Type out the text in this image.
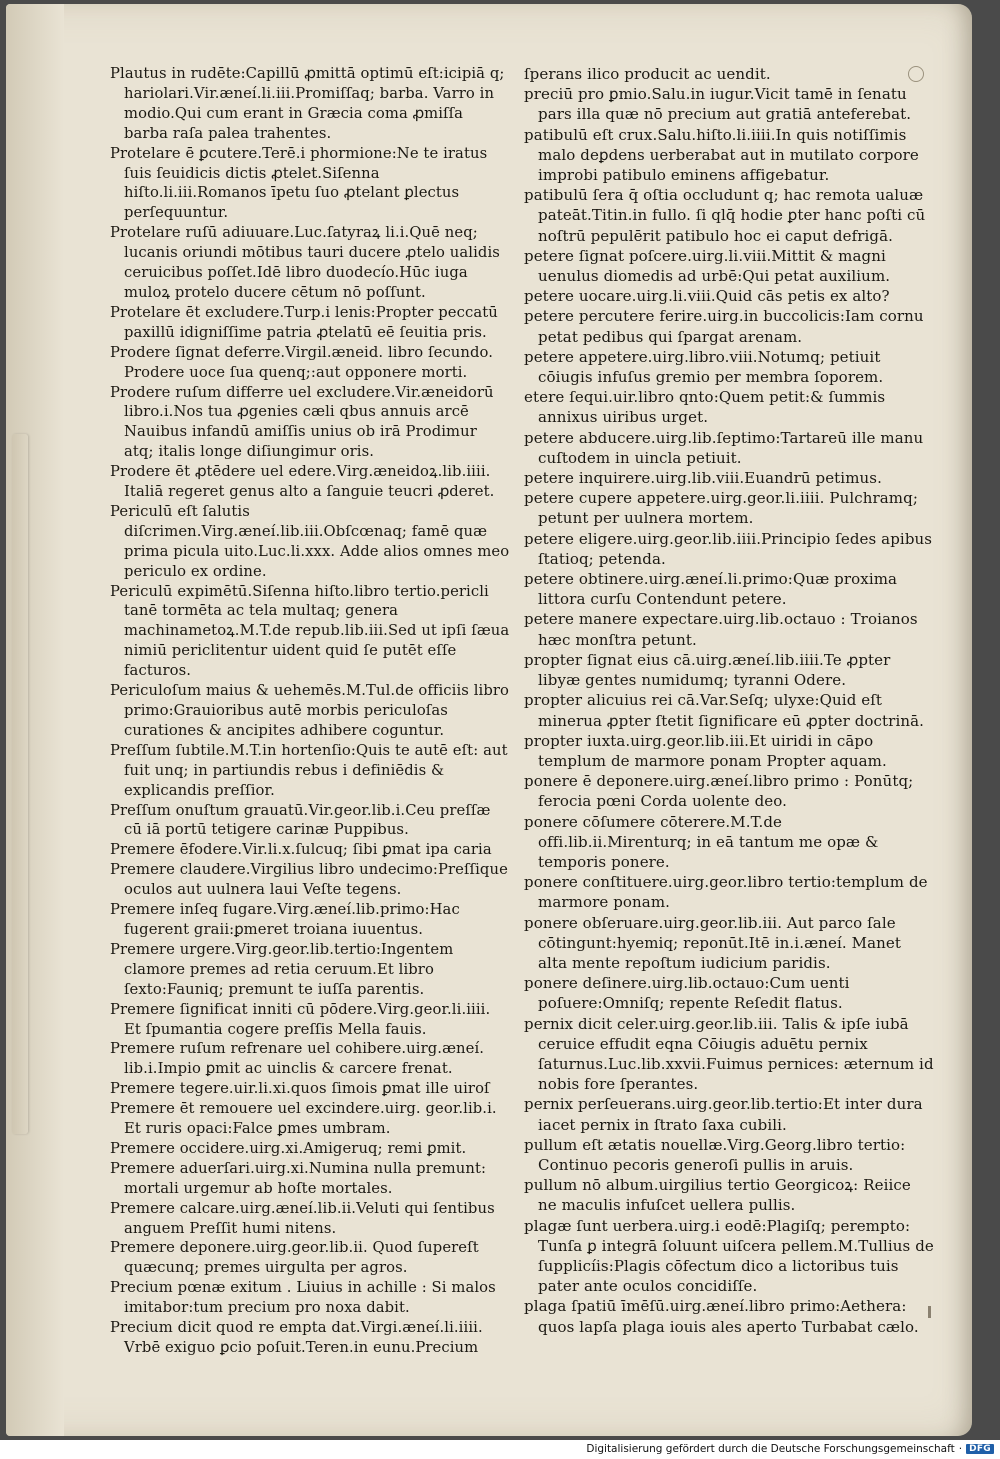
Plautus in rudēte:Capillū ꝓmittā optimū eſt:icipiā q; hariolari.Vir.æneí.li.iii.Promiſſaq; barba. Varro in modio.Qui cum erant in Græcia coma ꝓmiſſa barba raſa palea trahentes.

Protelare ē ꝑcutere.Terē.i phormione:Ne te iratus ſuis ſeuidicis dictis ꝓtelet.Siſenna hiſto.li.iii.Romanos īpetu ſuo ꝓtelant ꝑlectus perſequuntur.

Protelare ruſū adiuuare.Luc.ſatyraꝝ li.i.Quē neq; lucanis oriundi mōtibus tauri ducere ꝓtelo ualidis ceruicibus poſſet.Idē libro duodecío.Hūc iuga muloꝝ protelo ducere cētum nō poſſunt.

Protelare ēt excludere.Turp.i lenis:Propter peccatū paxillū idigniſſime patria ꝓtelatū eē ſeuitia pris.

Prodere ſignat deferre.Virgil.æneid. libro ſecundo. Prodere uoce ſua quenq;:aut opponere morti.

Prodere ruſum differre uel excludere.Vir.æneidorū libro.i.Nos tua ꝓgenies cæli qbus annuis arcē Nauibus infandū amiſſis unius ob irā Prodimur atq; italis longe diſiungimur oris.

Prodere ēt ꝓtēdere uel edere.Virg.æneidoꝝ.lib.iiii. Italiā regeret genus alto a ſanguie teucri ꝓderet.

Periculū eſt ſalutis diſcrimen.Virg.æneí.lib.iii.Obſcœnaq; famē quæ prima picula uito.Luc.li.xxx. Adde alios omnes meo periculo ex ordine.

Periculū expimētū.Siſenna hiſto.libro tertio.pericli tanē tormēta ac tela multaq; genera machinametoꝝ.M.T.de repub.lib.iii.Sed ut ipſi ſæua nimiū periclitentur uident quid ſe putēt eſſe facturos.

Periculoſum maius & uehemēs.M.Tul.de officiis libro primo:Grauioribus autē morbis periculoſas curationes & ancipites adhibere coguntur.

Preſſum ſubtile.M.T.in hortenſio:Quis te autē eſt: aut fuit unq; in partiundis rebus i definiēdis & explicandis preſſior.

Preſſum onuſtum grauatū.Vir.geor.lib.i.Ceu preſſæ cū iā portū tetigere carinæ Puppibus.

Premere ēfodere.Vir.li.x.ſulcuq; ſibi ꝑmat ipa caria

Premere claudere.Virgilius libro undecimo:Preſſique oculos aut uulnera laui Veſte tegens.

Premere inſeq fugare.Virg.æneí.lib.primo:Hac fugerent graii:ꝑmeret troiana iuuentus.

Premere urgere.Virg.geor.lib.tertio:Ingentem clamore premes ad retia ceruum.Et libro ſexto:Fauniq; premunt te iuſſa parentis.

Premere ſignificat inniti cū pōdere.Virg.geor.li.iiii. Et ſpumantia cogere preſſis Mella fauis.

Premere ruſum refrenare uel cohibere.uirg.æneí. lib.i.Impio ꝑmit ac uinclis & carcere frenat.

Premere tegere.uir.li.xi.quos ſimois ꝑmat ille uiroſ

Premere ēt remouere uel excindere.uirg. geor.lib.i. Et ruris opaci:Falce ꝑmes umbram.

Premere occidere.uirg.xi.Amigeruq; remi ꝑmit.

Premere aduerſari.uirg.xi.Numina nulla premunt: mortali urgemur ab hoſte mortales.

Premere calcare.uirg.æneí.lib.ii.Veluti qui ſentibus anguem Preſſit humi nitens.

Premere deponere.uirg.geor.lib.ii. Quod ſupereſt quæcunq; premes uirgulta per agros.

Precium pœnæ exitum . Liuius in achille : Si malos imitabor:tum precium pro noxa dabit.

Precium dicit quod re empta dat.Virgi.æneí.li.iiii. Vrbē exiguo ꝑcio poſuit.Teren.in eunu.Precium

ſperans ilico producit ac uendit.

preciū pro ꝑmio.Salu.in iugur.Vicit tamē in ſenatu pars illa quæ nō precium aut gratiā anteferebat.

patibulū eſt crux.Salu.hiſto.li.iiii.In quis notiſſimis malo deꝑdens uerberabat aut in mutilato corpore improbi patibulo eminens affigebatur.

patibulū ſera q̄ oſtia occludunt q; hac remota ualuæ pateāt.Titin.in fullo. ſi qlq̄ hodie ꝑter hanc poſti cū noſtrū pepulērit patibulo hoc ei caput defrigā.

petere ſignat poſcere.uirg.li.viii.Mittit & magni uenulus diomedis ad urbē:Qui petat auxilium.

petere uocare.uirg.li.viii.Quid cās petis ex alto?

petere percutere ferire.uirg.in buccolicis:Iam cornu petat pedibus qui ſpargat arenam.

petere appetere.uirg.libro.viii.Notumq; petiuit cōiugis infuſus gremio per membra ſoporem.

etere ſequi.uir.libro qnto:Quem petit:& ſummis annixus uiribus urget.

petere abducere.uirg.lib.ſeptimo:Tartareū ille manu cuſtodem in uincla petiuit.

petere inquirere.uirg.lib.viii.Euandrū petimus.

petere cupere appetere.uirg.geor.li.iiii. Pulchramq; petunt per uulnera mortem.

petere eligere.uirg.geor.lib.iiii.Principio ſedes apibus ſtatioq; petenda.

petere obtinere.uirg.æneí.li.primo:Quæ proxima littora curſu Contendunt petere.

petere manere expectare.uirg.lib.octauo : Troianos hæc monſtra petunt.

propter ſignat eius cā.uirg.æneí.lib.iiii.Te ꝓpter libyæ gentes numidumq; tyranni Odere.

propter alicuius rei cā.Var.Seſq; ulyxe:Quid eſt minerua ꝓpter ſtetit ſignificare eū ꝓpter doctrinā.

propter iuxta.uirg.geor.lib.iii.Et uiridi in cāpo templum de marmore ponam Propter aquam.

ponere ē deponere.uirg.æneí.libro primo : Ponūtq; ferocia pœni Corda uolente deo.

ponere cōſumere cōterere.M.T.de offi.lib.ii.Mirenturq; in eā tantum me opæ & temporis ponere.

ponere conſtituere.uirg.geor.libro tertio:templum de marmore ponam.

ponere obſeruare.uirg.geor.lib.iii. Aut parco ſale cōtingunt:hyemiq; reponūt.Itē in.i.æneí. Manet alta mente repoſtum iudicium paridis.

ponere deſinere.uirg.lib.octauo:Cum uenti poſuere:Omniſq; repente Reſedit flatus.

pernix dicit celer.uirg.geor.lib.iii. Talis & ipſe iubā ceruice effudit eqna Cōiugis aduētu pernix ſaturnus.Luc.lib.xxvii.Fuimus pernices: æternum id nobis fore ſperantes.

pernix perſeuerans.uirg.geor.lib.tertio:Et inter dura iacet pernix in ſtrato ſaxa cubili.

pullum eſt ætatis nouellæ.Virg.Georg.libro tertio: Continuo pecoris generoſi pullis in aruis.

pullum nō album.uirgilius tertio Georgicoꝝ: Reiice ne maculis infuſcet uellera pullis.

plagæ ſunt uerbera.uirg.i eodē:Plagiſq; perempto: Tunſa ꝑ integrā ſoluunt uiſcera pellem.M.Tullius de ſupplicíis:Plagis cōfectum dico a lictoribus tuis pater ante oculos concidiſſe.

plaga ſpatiū īmēſū.uirg.æneí.libro primo:Aethera: quos lapſa plaga iouis ales aperto Turbabat cælo.

Digitalisierung gefördert durch die Deutsche Forschungsgemeinschaft · DFG
